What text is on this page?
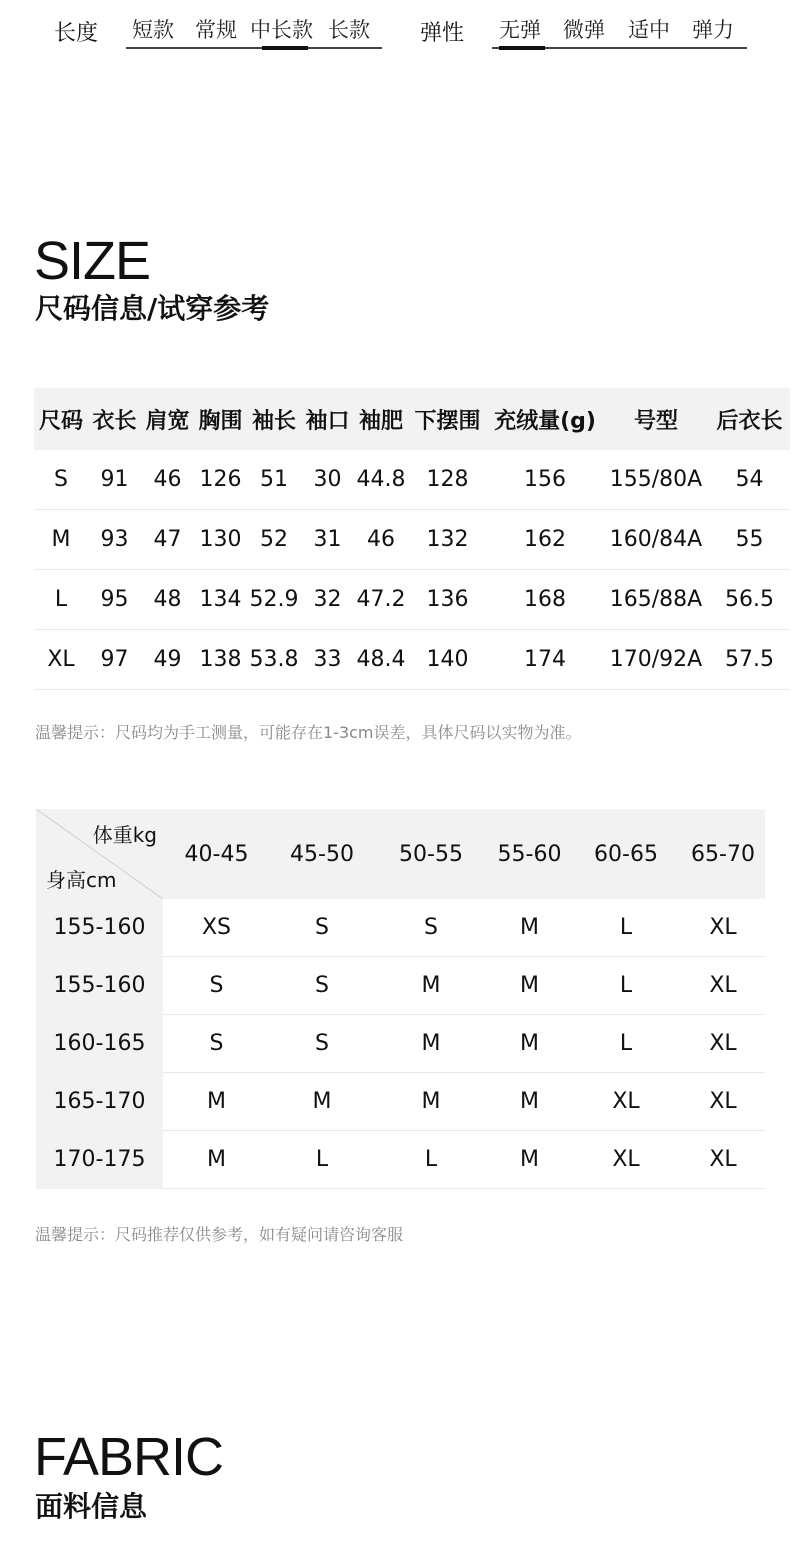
长度 短款 常规 中长款 长款 弹性 无弹 微弹 适中 弹力
SIZE
尺码信息/试穿参考
尺码	衣长	肩宽	胸围	袖长	袖口	袖肥	下摆围	充绒量(g)	号型	后衣长
S	91	46	126	51	30	44.8	128	156	155/80A	54
M	93	47	130	52	31	46	132	162	160/84A	55
L	95	48	134	52.9	32	47.2	136	168	165/88A	56.5
XL	97	49	138	53.8	33	48.4	140	174	170/92A	57.5
温馨提示：尺码均为手工测量，可能存在1-3cm误差，具体尺码以实物为准。
体重kg
身高cm	40-45	45-50	50-55	55-60	60-65	65-70
155-160	XS	S	S	M	L	XL
155-160	S	S	M	M	L	XL
160-165	S	S	M	M	L	XL
165-170	M	M	M	M	XL	XL
170-175	M	L	L	M	XL	XL
温馨提示：尺码推荐仅供参考，如有疑问请咨询客服
FABRIC
面料信息
